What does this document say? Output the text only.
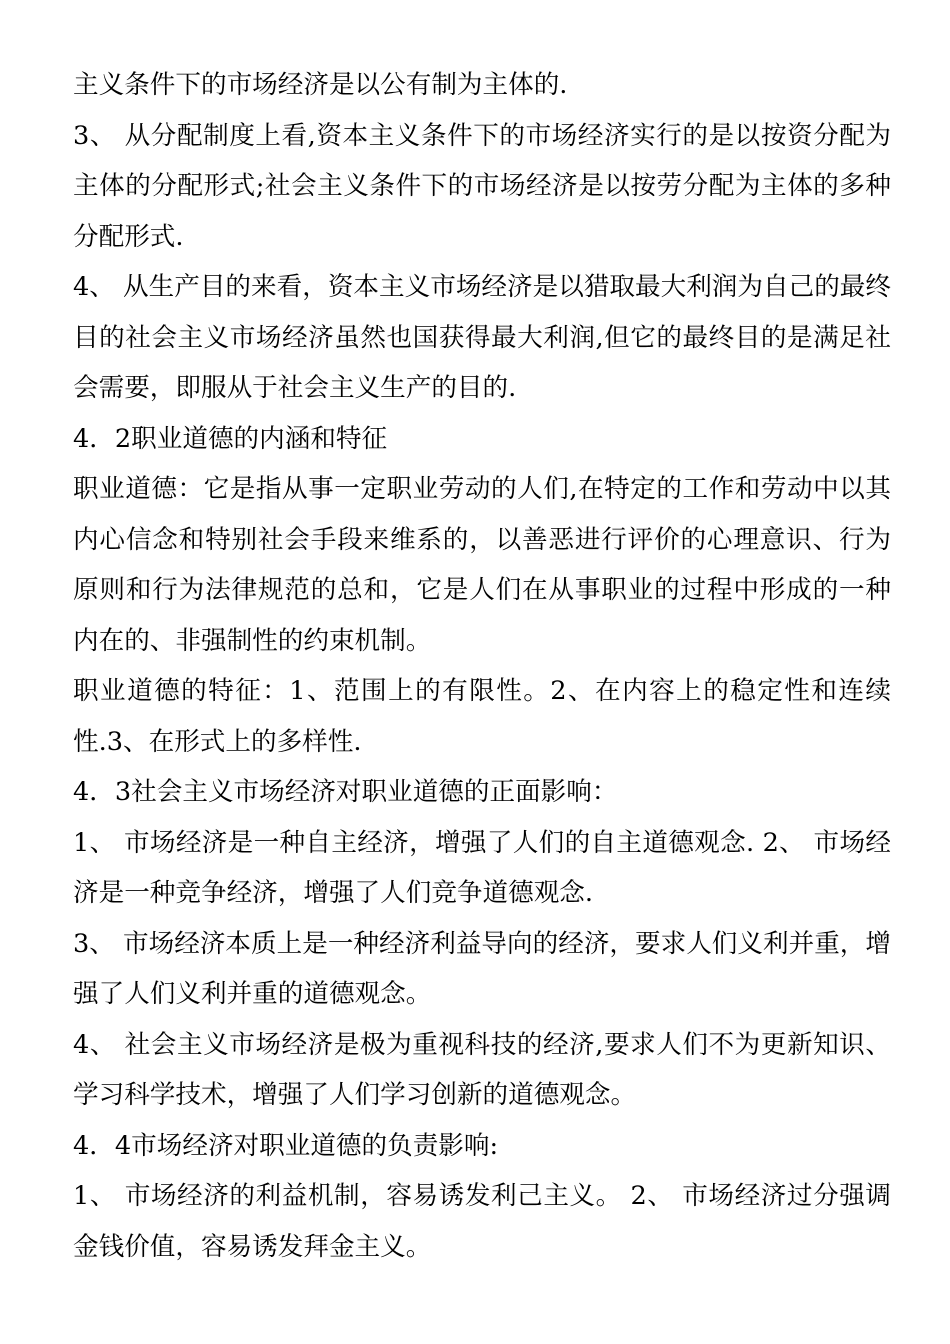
主义条件下的市场经济是以公有制为主体的.

3、 从分配制度上看,资本主义条件下的市场经济实行的是以按资分配为主体的分配形式;社会主义条件下的市场经济是以按劳分配为主体的多种分配形式.

4、 从生产目的来看，资本主义市场经济是以猎取最大利润为自己的最终目的社会主义市场经济虽然也国获得最大利润,但它的最终目的是满足社会需要，即服从于社会主义生产的目的.

4．2职业道德的内涵和特征

职业道德：它是指从事一定职业劳动的人们,在特定的工作和劳动中以其内心信念和特别社会手段来维系的，以善恶进行评价的心理意识、行为原则和行为法律规范的总和，它是人们在从事职业的过程中形成的一种内在的、非强制性的约束机制。

职业道德的特征：1、范围上的有限性。2、在内容上的稳定性和连续性.3、在形式上的多样性.

4．3社会主义市场经济对职业道德的正面影响：

1、 市场经济是一种自主经济，增强了人们的自主道德观念. 2、 市场经济是一种竞争经济，增强了人们竞争道德观念.

3、 市场经济本质上是一种经济利益导向的经济，要求人们义利并重，增强了人们义利并重的道德观念。

4、 社会主义市场经济是极为重视科技的经济,要求人们不为更新知识、学习科学技术，增强了人们学习创新的道德观念。

4．4市场经济对职业道德的负责影响:

1、 市场经济的利益机制，容易诱发利己主义。 2、 市场经济过分强调金钱价值，容易诱发拜金主义。
